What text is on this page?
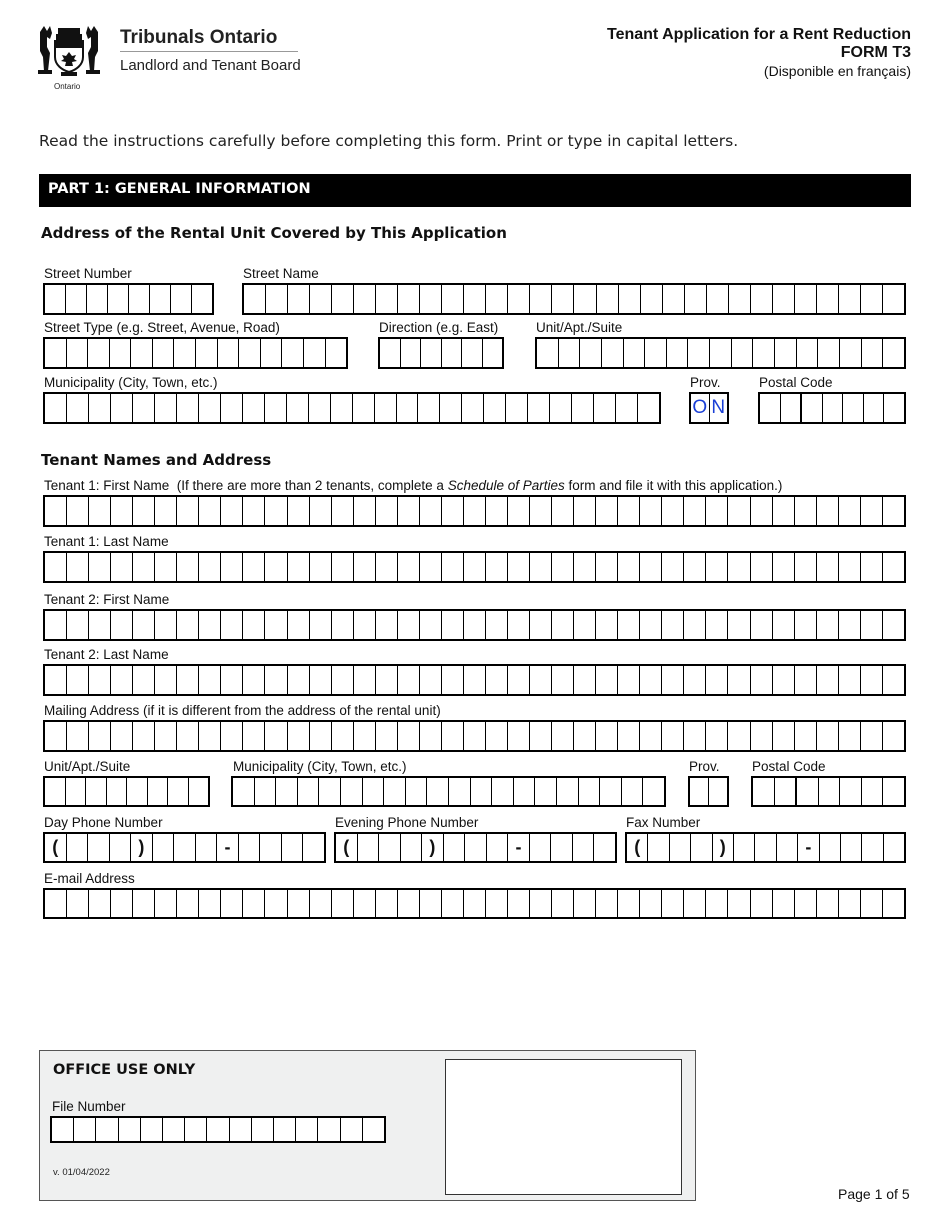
Ontario
Tribunals Ontario
Landlord and Tenant Board
Tenant Application for a Rent Reduction
FORM T3
(Disponible en français)
Read the instructions carefully before completing this form. Print or type in capital letters.
PART 1: GENERAL INFORMATION
Address of the Rental Unit Covered by This Application
Street Number	Street Name
Street Type (e.g. Street, Avenue, Road)	Direction (e.g. East)	Unit/Apt./Suite
Municipality (City, Town, etc.)	Prov.
O N
Postal Code
Tenant Names and Address
Tenant 1: First Name  (If there are more than 2 tenants, complete a Schedule of Parties form and file it with this application.)
Tenant 1: Last Name
Tenant 2: First Name
Tenant 2: Last Name
Mailing Address (if it is different from the address of the rental unit)
Unit/Apt./Suite	Municipality (City, Town, etc.)	Prov. Postal Code
Day Phone Number
(	)	-
Evening Phone Number
(	)	-
Fax Number
(	)	-
E-mail Address
OFFICE USE ONLY
File Number
v. 01/04/2022
Page 1 of 5
